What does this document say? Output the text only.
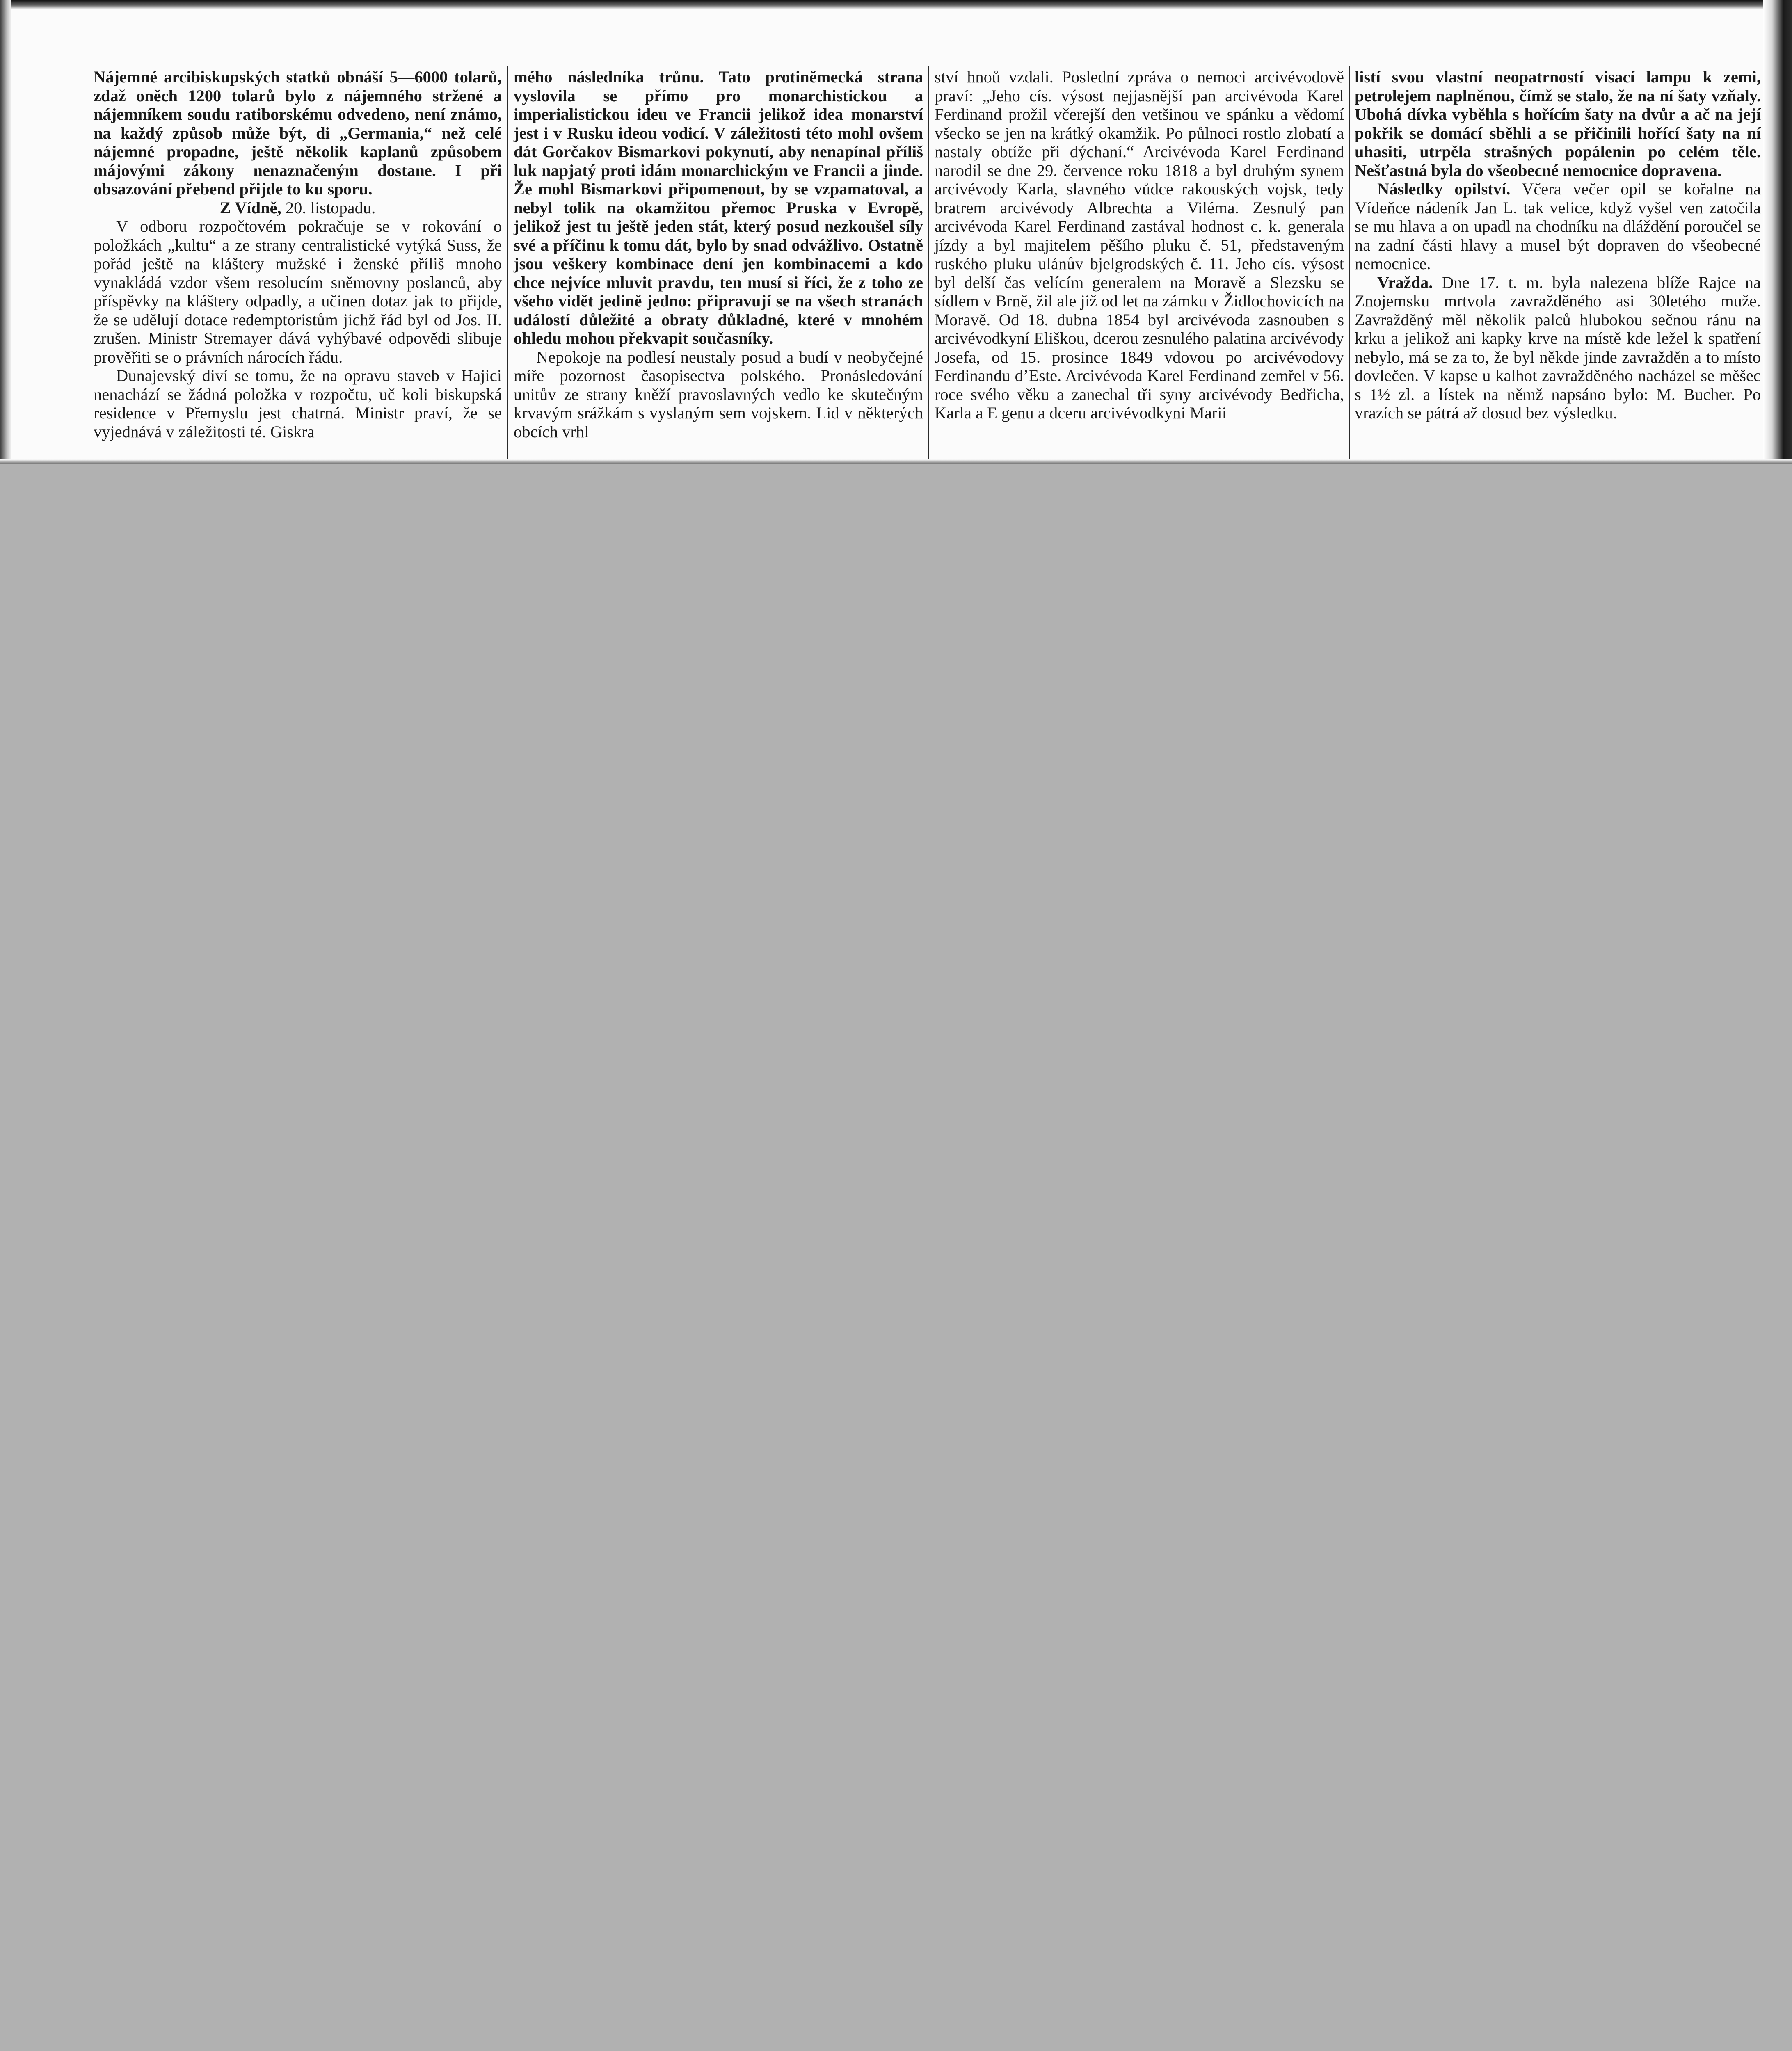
Nájemné arcibiskupských statků obnáší 5—6000 tolarů, zdaž oněch 1200 tolarů bylo z nájemného stržené a nájemníkem soudu ratiborskému odvedeno, není známo, na každý způsob může být, di „Germania,“ než celé nájemné propadne, ještě několik kaplanů způsobem májovými zákony nenaznačeným dostane. I při obsazování přebend přijde to ku sporu.

Z Vídně, 20. listopadu.

V odboru rozpočtovém pokračuje se v rokování o položkách „kultu“ a ze strany centralistické vytýká Suss, že pořád ještě na kláštery mužské i ženské příliš mnoho vynakládá vzdor všem resolucím sněmovny poslanců, aby příspěvky na kláštery odpadly, a učinen dotaz jak to přijde, že se udělují dotace redemptoristům jichž řád byl od Jos. II. zrušen. Ministr Stremayer dává vyhýbavé odpovědi slibuje prověřiti se o právních nárocích řádu.

Dunajevský diví se tomu, že na opravu staveb v Hajici nenachází se žádná položka v rozpočtu, uč koli biskupská residence v Přemyslu jest chatrná. Ministr praví, že se vyjednává v záležitosti té. Giskra

mého následníka trůnu. Tato protiněmecká strana vyslovila se přímo pro monarchistickou a imperialistickou ideu ve Francii jelikož idea monarství jest i v Rusku ideou vodicí. V záležitosti této mohl ovšem dát Gorčakov Bismarkovi pokynutí, aby nenapínal příliš luk napjatý proti idám monarchickým ve Francii a jinde. Že mohl Bismarkovi připomenout, by se vzpamatoval, a nebyl tolik na okamžitou přemoc Pruska v Evropě, jelikož jest tu ještě jeden stát, který posud nezkoušel síly své a příčinu k tomu dát, bylo by snad odvážlivo. Ostatně jsou veškery kombinace dení jen kombinacemi a kdo chce nejvíce mluvit pravdu, ten musí si říci, že z toho ze všeho vidět jedině jedno: připravují se na všech stranách událostí důležité a obraty důkladné, které v mnohém ohledu mohou překvapit současníky.

Nepokoje na podlesí neustaly posud a budí v neobyčejné míře pozornost časopisectva polského. Pronásledování unitův ze strany kněží pravoslavných vedlo ke skutečným krvavým srážkám s vyslaným sem vojskem. Lid v některých obcích vrhl

ství hnoů vzdali. Poslední zpráva o nemoci arcivévodově praví: „Jeho cís. výsost nejjasnější pan arcivévoda Karel Ferdinand prožil včerejší den vetšinou ve spánku a vědomí všecko se jen na krátký okamžik. Po půlnoci rostlo zlobatí a nastaly obtíže při dýchaní.“ Arcivévoda Karel Ferdinand narodil se dne 29. července roku 1818 a byl druhým synem arcivévody Karla, slavného vůdce rakouských vojsk, tedy bratrem arcivévody Albrechta a Viléma. Zesnulý pan arcivévoda Karel Ferdinand zastával hodnost c. k. generala jízdy a byl majitelem pěšího pluku č. 51, představeným ruského pluku ulánův bjelgrodských č. 11. Jeho cís. výsost byl delší čas velícím generalem na Moravě a Slezsku se sídlem v Brně, žil ale již od let na zámku v Židlochovicích na Moravě. Od 18. dubna 1854 byl arcivévoda zasnouben s arcivévodkyní Eliškou, dcerou zesnulého palatina arcivévody Josefa, od 15. prosince 1849 vdovou po arcivévodovy Ferdinandu d’Este. Arcivévoda Karel Ferdinand zemřel v 56. roce svého věku a zanechal tři syny arcivévody Bedřicha, Karla a E genu a dceru arcivévodkyni Marii

listí svou vlastní neopatrností visací lampu k zemi, petrolejem naplněnou, čímž se stalo, že na ní šaty vzňaly. Ubohá dívka vyběhla s hořícím šaty na dvůr a ač na její pokřik se domácí sběhli a se přičinili hořící šaty na ní uhasiti, utrpěla strašných popálenin po celém těle. Nešťastná byla do všeobecné nemocnice dopravena.

Následky opilství. Včera večer opil se kořalne na Vídeňce nádeník Jan L. tak velice, když vyšel ven zatočila se mu hlava a on upadl na chodníku na dláždění poroučel se na zadní části hlavy a musel být dopraven do všeobecné nemocnice.

Vražda. Dne 17. t. m. byla nalezena blíže Rajce na Znojemsku mrtvola zavražděného asi 30letého muže. Zavražděný měl několik palců hlubokou sečnou ránu na krku a jelikož ani kapky krve na místě kde ležel k spatření nebylo, má se za to, že byl někde jinde zavražděn a to místo dovlečen. V kapse u kalhot zavražděného nacházel se měšec s 1½ zl. a lístek na němž napsáno bylo: M. Bucher. Po vrazích se pátrá až dosud bez výsledku.
